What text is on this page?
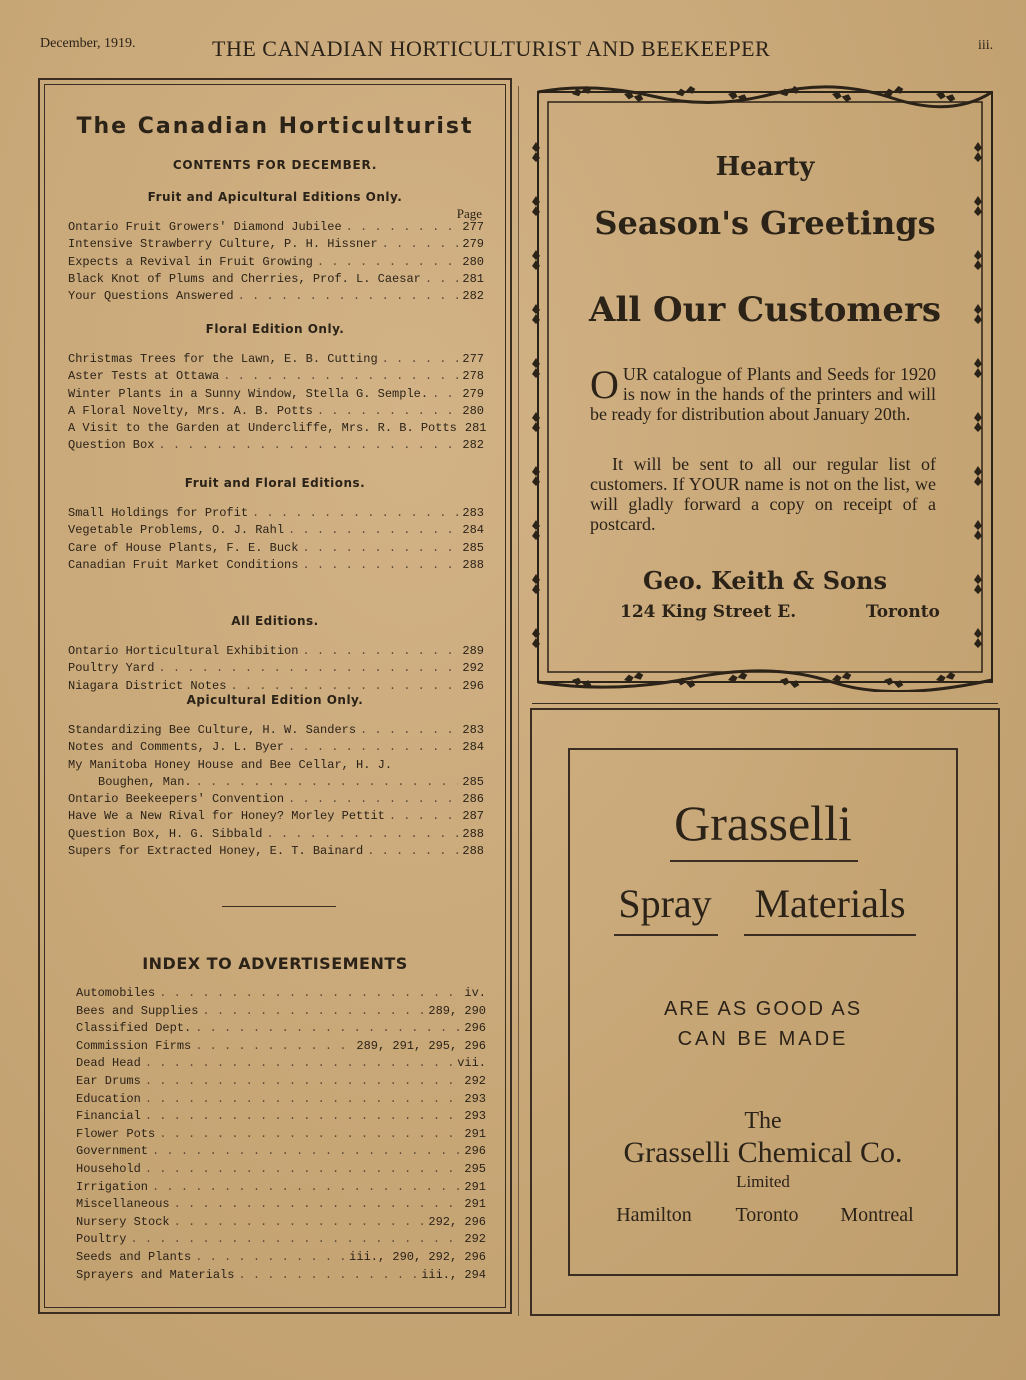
December, 1919.	THE CANADIAN HORTICULTURIST AND BEEKEEPER	iii.
The Canadian Horticulturist
CONTENTS FOR DECEMBER.
Page
Fruit and Apicultural Editions Only.
Ontario Fruit Growers' Diamond Jubilee . . .	277
Intensive Strawberry Culture, P. H. Hissner . . .	279
Expects a Revival in Fruit Growing . . .	280
Black Knot of Plums and Cherries, Prof. L. Caesar . . .	281
Your Questions Answered . . .	282
Floral Edition Only.
Christmas Trees for the Lawn, E. B. Cutting . . .	277
Aster Tests at Ottawa . . .	278
Winter Plants in a Sunny Window, Stella G. Semple. . . .	279
A Floral Novelty, Mrs. A. B. Potts . . .	280
A Visit to the Garden at Undercliffe, Mrs. R. B. Potts 281
Question Box . . .	282
Fruit and Floral Editions.
Small Holdings for Profit . . .	283
Vegetable Problems, O. J. Rahl . . .	284
Care of House Plants, F. E. Buck . . .	285
Canadian Fruit Market Conditions . . .	288
All Editions.
Ontario Horticultural Exhibition . . .	289
Poultry Yard . . .	292
Niagara District Notes . . .	296
Apicultural Edition Only.
Standardizing Bee Culture, H. W. Sanders . . .	283
Notes and Comments, J. L. Byer . . .	284
My Manitoba Honey House and Bee Cellar, H. J.
Boughen, Man. . . .	285
Ontario Beekeepers' Convention . . .	286
Have We a New Rival for Honey? Morley Pettit . . .	287
Question Box, H. G. Sibbald . . .	288
Supers for Extracted Honey, E. T. Bainard . . .	288
INDEX TO ADVERTISEMENTS
Automobiles . . .	iv.
Bees and Supplies . . .	289, 290
Classified Dept. . . .	296
Commission Firms . . .	289, 291, 295, 296
Dead Head . . .	vii.
Ear Drums . . .	292
Education . . .	293
Financial . . .	293
Flower Pots . . .	291
Government . . .	296
Household . . .	295
Irrigation . . .	291
Miscellaneous . . .	291
Nursery Stock . . .	292, 296
Poultry . . .	292
Seeds and Plants . . .	iii., 290, 292, 296
Sprayers and Materials . . .	iii., 294
Hearty
Season's Greetings
All Our Customers
OUR catalogue of Plants and Seeds for 1920 is now in the hands of the printers and will be ready for distribution about January 20th.
It will be sent to all our regular list of customers. If YOUR name is not on the list, we will gladly forward a copy on receipt of a postcard.
Geo. Keith & Sons
124 King Street E.	Toronto
Grasselli
Spray	Materials
ARE AS GOOD AS
CAN BE MADE
The
Grasselli Chemical Co.
Limited
Hamilton	Toronto	Montreal
